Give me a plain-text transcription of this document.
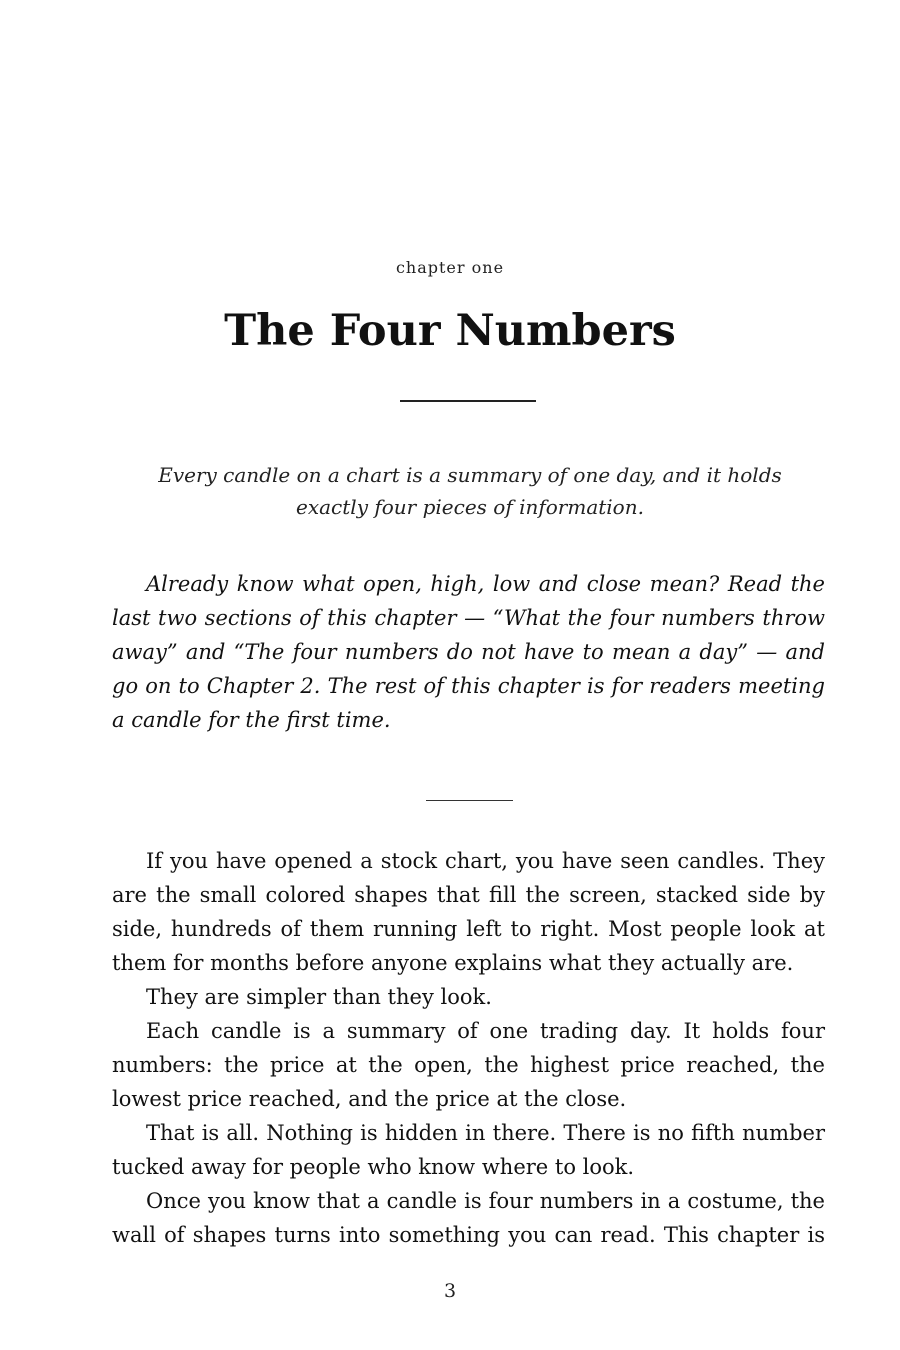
chapter one
The Four Numbers
Every candle on a chart is a summary of one day, and it holds exactly four pieces of information.

Already know what open, high, low and close mean? Read the last two sections of this chapter — “What the four numbers throw away” and “The four numbers do not have to mean a day” — and go on to Chapter 2. The rest of this chapter is for readers meeting a candle for the first time.

If you have opened a stock chart, you have seen candles. They are the small colored shapes that fill the screen, stacked side by side, hundreds of them running left to right. Most people look at them for months before anyone explains what they actually are.

They are simpler than they look.

Each candle is a summary of one trading day. It holds four numbers: the price at the open, the highest price reached, the lowest price reached, and the price at the close.

That is all. Nothing is hidden in there. There is no fifth number tucked away for people who know where to look.

Once you know that a candle is four numbers in a costume, the wall of shapes turns into something you can read. This chapter is

3
